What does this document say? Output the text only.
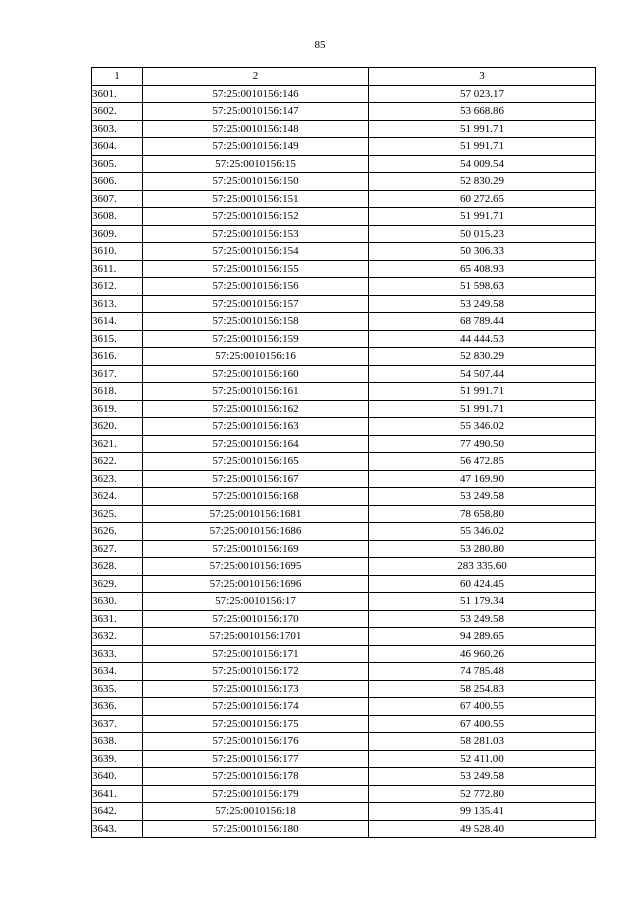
85
1	2	3
3601.	57:25:0010156:146	57 023.17
3602.	57:25:0010156:147	53 668.86
3603.	57:25:0010156:148	51 991.71
3604.	57:25:0010156:149	51 991.71
3605.	57:25:0010156:15	54 009.54
3606.	57:25:0010156:150	52 830.29
3607.	57:25:0010156:151	60 272.65
3608.	57:25:0010156:152	51 991.71
3609.	57:25:0010156:153	50 015.23
3610.	57:25:0010156:154	50 306.33
3611.	57:25:0010156:155	65 408.93
3612.	57:25:0010156:156	51 598.63
3613.	57:25:0010156:157	53 249.58
3614.	57:25:0010156:158	68 789.44
3615.	57:25:0010156:159	44 444.53
3616.	57:25:0010156:16	52 830.29
3617.	57:25:0010156:160	54 507.44
3618.	57:25:0010156:161	51 991.71
3619.	57:25:0010156:162	51 991.71
3620.	57:25:0010156:163	55 346.02
3621.	57:25:0010156:164	77 490.50
3622.	57:25:0010156:165	56 472.85
3623.	57:25:0010156:167	47 169.90
3624.	57:25:0010156:168	53 249.58
3625.	57:25:0010156:1681	78 658.80
3626.	57:25:0010156:1686	55 346.02
3627.	57:25:0010156:169	53 280.80
3628.	57:25:0010156:1695	283 335.60
3629.	57:25:0010156:1696	60 424.45
3630.	57:25:0010156:17	51 179.34
3631.	57:25:0010156:170	53 249.58
3632.	57:25:0010156:1701	94 289.65
3633.	57:25:0010156:171	46 960.26
3634.	57:25:0010156:172	74 785.48
3635.	57:25:0010156:173	58 254.83
3636.	57:25:0010156:174	67 400.55
3637.	57:25:0010156:175	67 400.55
3638.	57:25:0010156:176	58 281.03
3639.	57:25:0010156:177	52 411.00
3640.	57:25:0010156:178	53 249.58
3641.	57:25:0010156:179	52 772.80
3642.	57:25:0010156:18	99 135.41
3643.	57:25:0010156:180	49 528.40
